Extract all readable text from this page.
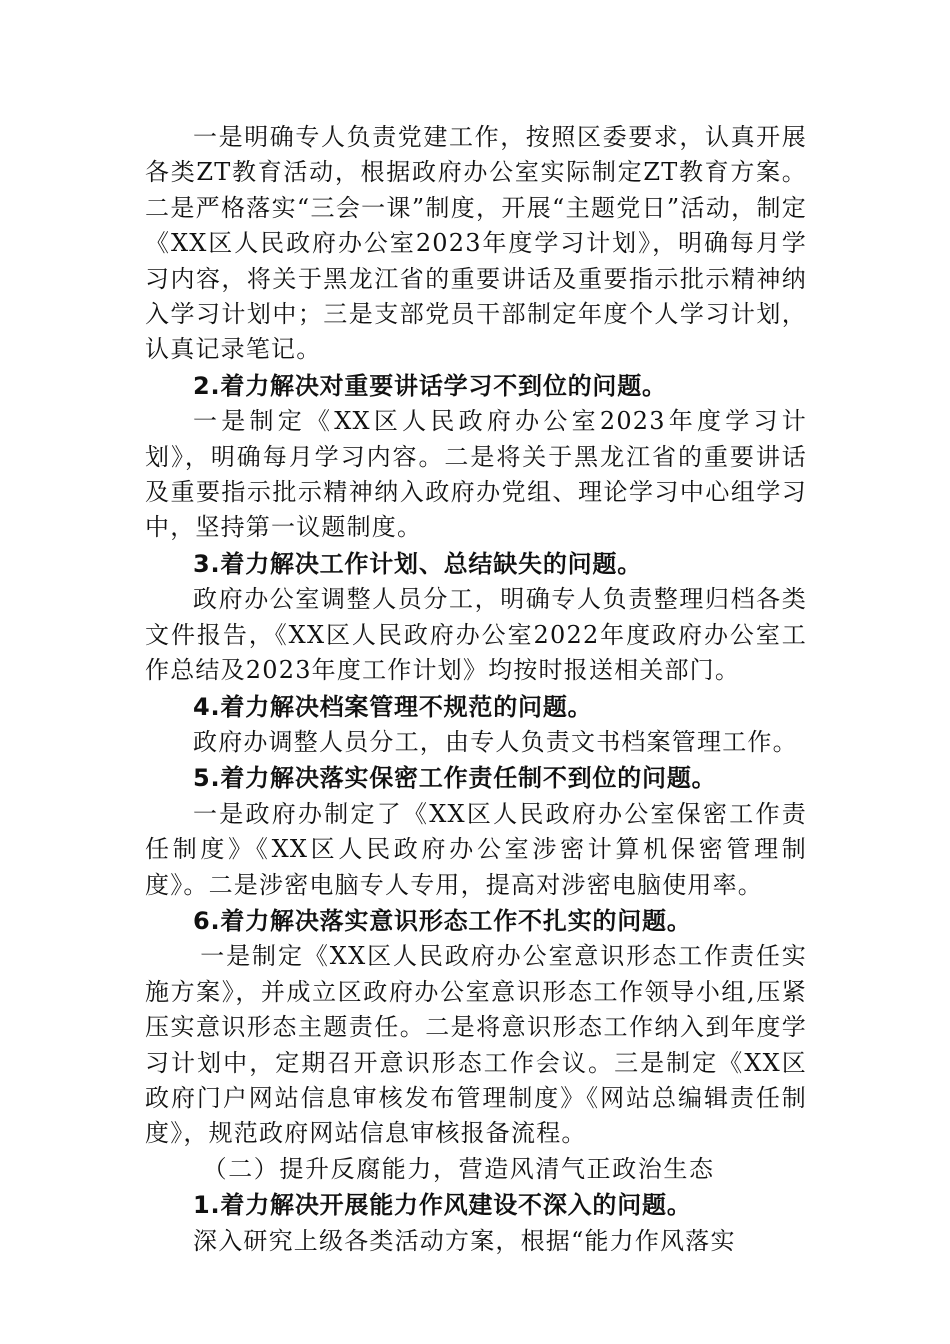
一是明确专人负责党建工作，按照区委要求，认真开展各类ZT教育活动，根据政府办公室实际制定ZT教育方案。二是严格落实“三会一课”制度，开展“主题党日”活动，制定《XX区人民政府办公室2023年度学习计划》，明确每月学习内容，将关于黑龙江省的重要讲话及重要指示批示精神纳入学习计划中；三是支部党员干部制定年度个人学习计划，认真记录笔记。

2.着力解决对重要讲话学习不到位的问题。

一是制定《XX区人民政府办公室2023年度学习计划》，明确每月学习内容。二是将关于黑龙江省的重要讲话及重要指示批示精神纳入政府办党组、理论学习中心组学习中，坚持第一议题制度。

3.着力解决工作计划、总结缺失的问题。

政府办公室调整人员分工，明确专人负责整理归档各类文件报告，《XX区人民政府办公室2022年度政府办公室工作总结及2023年度工作计划》均按时报送相关部门。

4.着力解决档案管理不规范的问题。

政府办调整人员分工，由专人负责文书档案管理工作。

5.着力解决落实保密工作责任制不到位的问题。

一是政府办制定了《XX区人民政府办公室保密工作责任制度》《XX区人民政府办公室涉密计算机保密管理制度》。二是涉密电脑专人专用，提高对涉密电脑使用率。

6.着力解决落实意识形态工作不扎实的问题。

一是制定《XX区人民政府办公室意识形态工作责任实施方案》，并成立区政府办公室意识形态工作领导小组,压紧压实意识形态主题责任。二是将意识形态工作纳入到年度学习计划中，定期召开意识形态工作会议。三是制定《XX区政府门户网站信息审核发布管理制度》《网站总编辑责任制度》，规范政府网站信息审核报备流程。

（二）提升反腐能力，营造风清气正政治生态

1.着力解决开展能力作风建设不深入的问题。

深入研究上级各类活动方案，根据“能力作风落实
